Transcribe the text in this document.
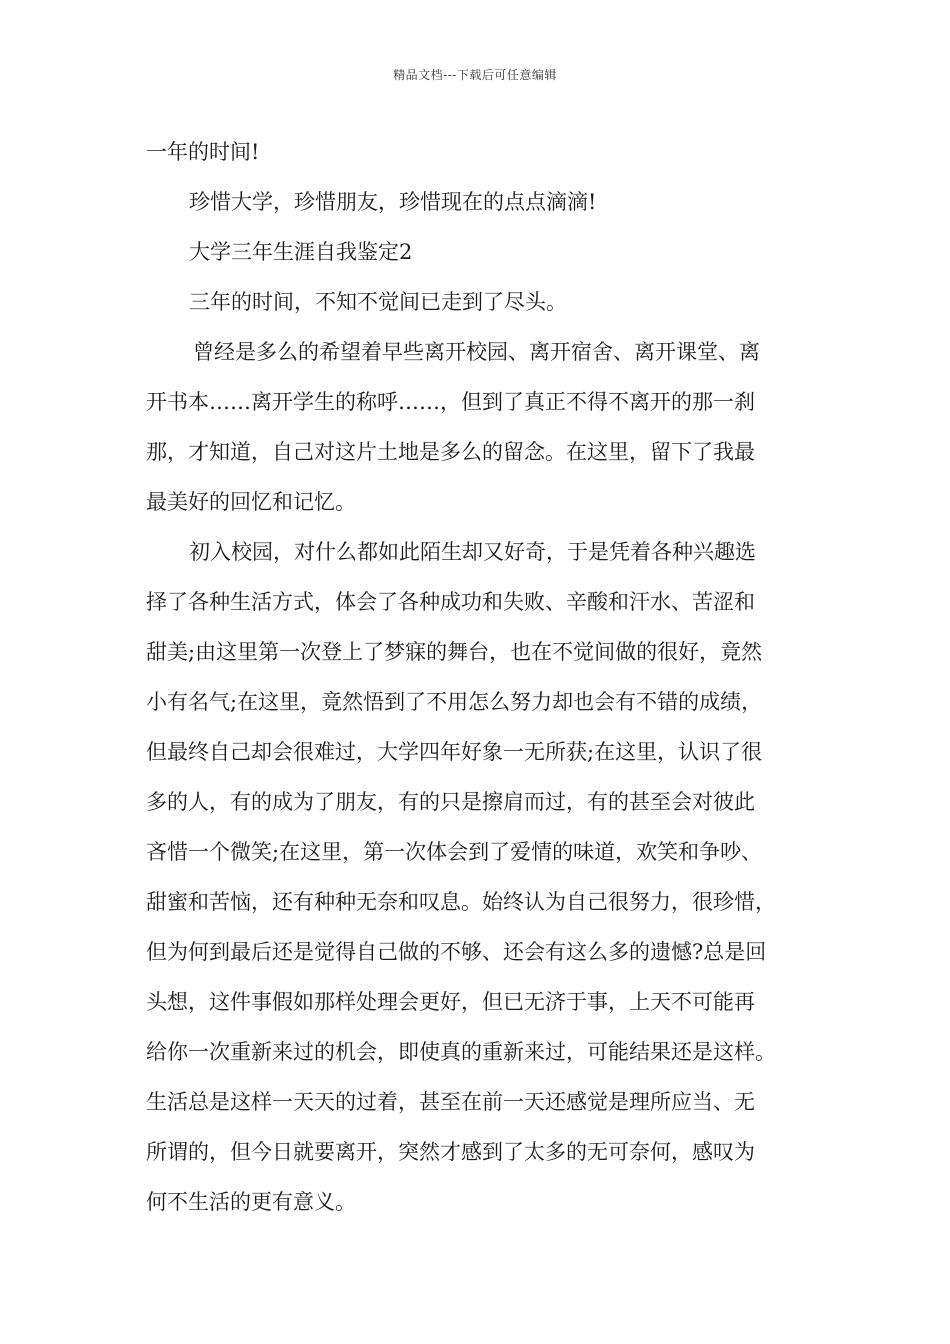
精品文档---下载后可任意编辑
一年的时间!
珍惜大学，珍惜朋友，珍惜现在的点点滴滴!
大学三年生涯自我鉴定2
三年的时间，不知不觉间已走到了尽头。
曾经是多么的希望着早些离开校园、离开宿舍、离开课堂、离
开书本……离开学生的称呼……，但到了真正不得不离开的那一刹
那，才知道，自己对这片土地是多么的留念。在这里，留下了我最
最美好的回忆和记忆。
初入校园，对什么都如此陌生却又好奇，于是凭着各种兴趣选
择了各种生活方式，体会了各种成功和失败、辛酸和汗水、苦涩和
甜美;由这里第一次登上了梦寐的舞台，也在不觉间做的很好，竟然
小有名气;在这里，竟然悟到了不用怎么努力却也会有不错的成绩，
但最终自己却会很难过，大学四年好象一无所获;在这里，认识了很
多的人，有的成为了朋友，有的只是擦肩而过，有的甚至会对彼此
吝惜一个微笑;在这里，第一次体会到了爱情的味道，欢笑和争吵、
甜蜜和苦恼，还有种种无奈和叹息。始终认为自己很努力，很珍惜，
但为何到最后还是觉得自己做的不够、还会有这么多的遗憾?总是回
头想，这件事假如那样处理会更好，但已无济于事，上天不可能再
给你一次重新来过的机会，即使真的重新来过，可能结果还是这样。
生活总是这样一天天的过着，甚至在前一天还感觉是理所应当、无
所谓的，但今日就要离开，突然才感到了太多的无可奈何，感叹为
何不生活的更有意义。
